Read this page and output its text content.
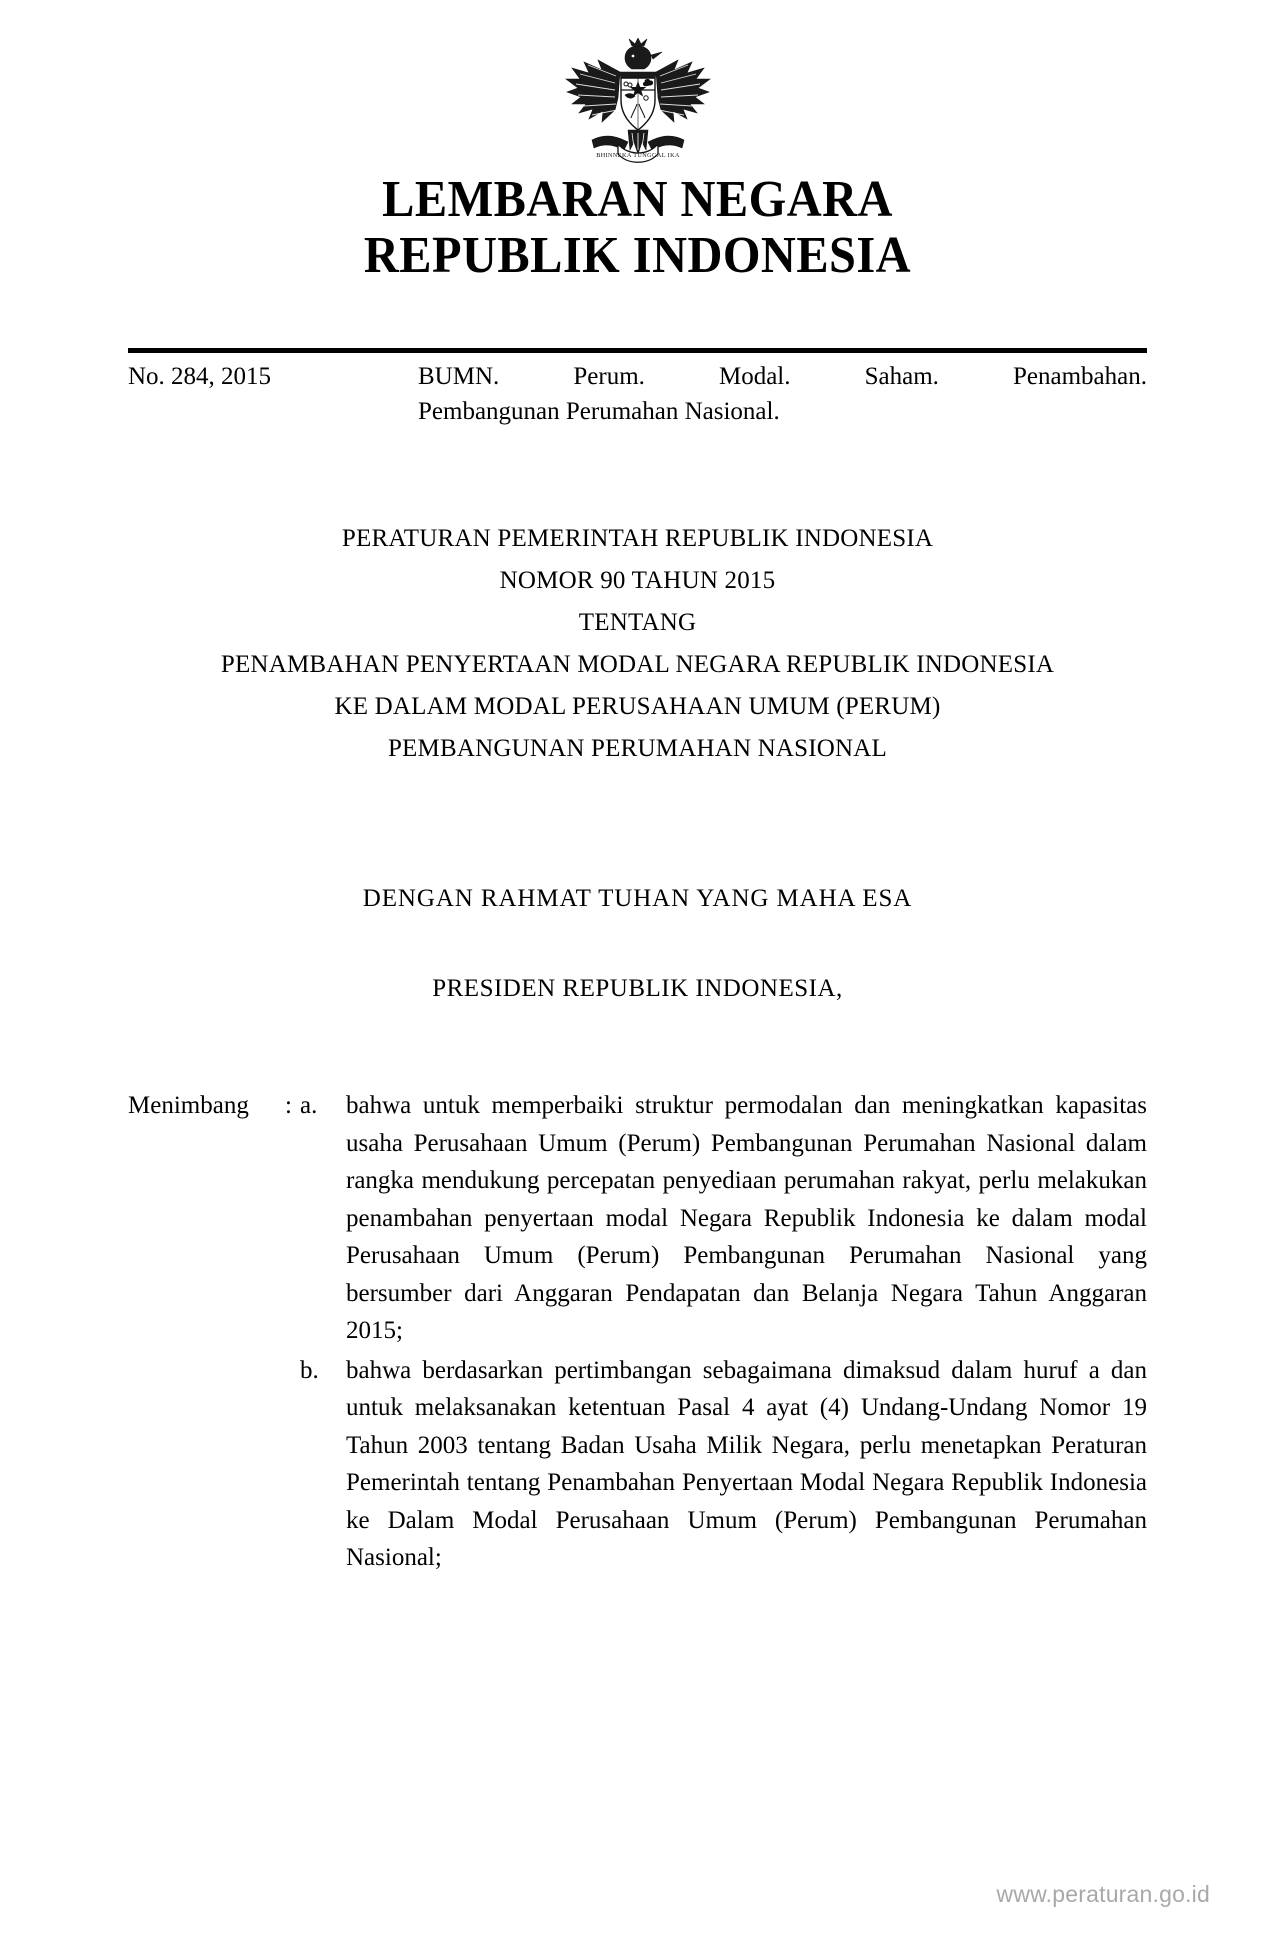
BHINNEKA TUNGGAL IKA
LEMBARAN NEGARA
REPUBLIK INDONESIA
No. 284, 2015	BUMN. Perum. Modal. Saham. Penambahan.
Pembangunan Perumahan Nasional.
PERATURAN PEMERINTAH REPUBLIK INDONESIA
NOMOR 90 TAHUN 2015
TENTANG
PENAMBAHAN PENYERTAAN MODAL NEGARA REPUBLIK INDONESIA
KE DALAM MODAL PERUSAHAAN UMUM (PERUM)
PEMBANGUNAN PERUMAHAN NASIONAL
DENGAN RAHMAT TUHAN YANG MAHA ESA
PRESIDEN REPUBLIK INDONESIA,
Menimbang : a.	bahwa untuk memperbaiki struktur permodalan dan meningkatkan kapasitas usaha Perusahaan Umum (Perum) Pembangunan Perumahan Nasional dalam rangka mendukung percepatan penyediaan perumahan rakyat, perlu melakukan penambahan penyertaan modal Negara Republik Indonesia ke dalam modal Perusahaan Umum (Perum) Pembangunan Perumahan Nasional yang bersumber dari Anggaran Pendapatan dan Belanja Negara Tahun Anggaran 2015;
b.	bahwa berdasarkan pertimbangan sebagaimana dimaksud dalam huruf a dan untuk melaksanakan ketentuan Pasal 4 ayat (4) Undang-Undang Nomor 19 Tahun 2003 tentang Badan Usaha Milik Negara, perlu menetapkan Peraturan Pemerintah tentang Penambahan Penyertaan Modal Negara Republik Indonesia ke Dalam Modal Perusahaan Umum (Perum) Pembangunan Perumahan Nasional;
www.peraturan.go.id
